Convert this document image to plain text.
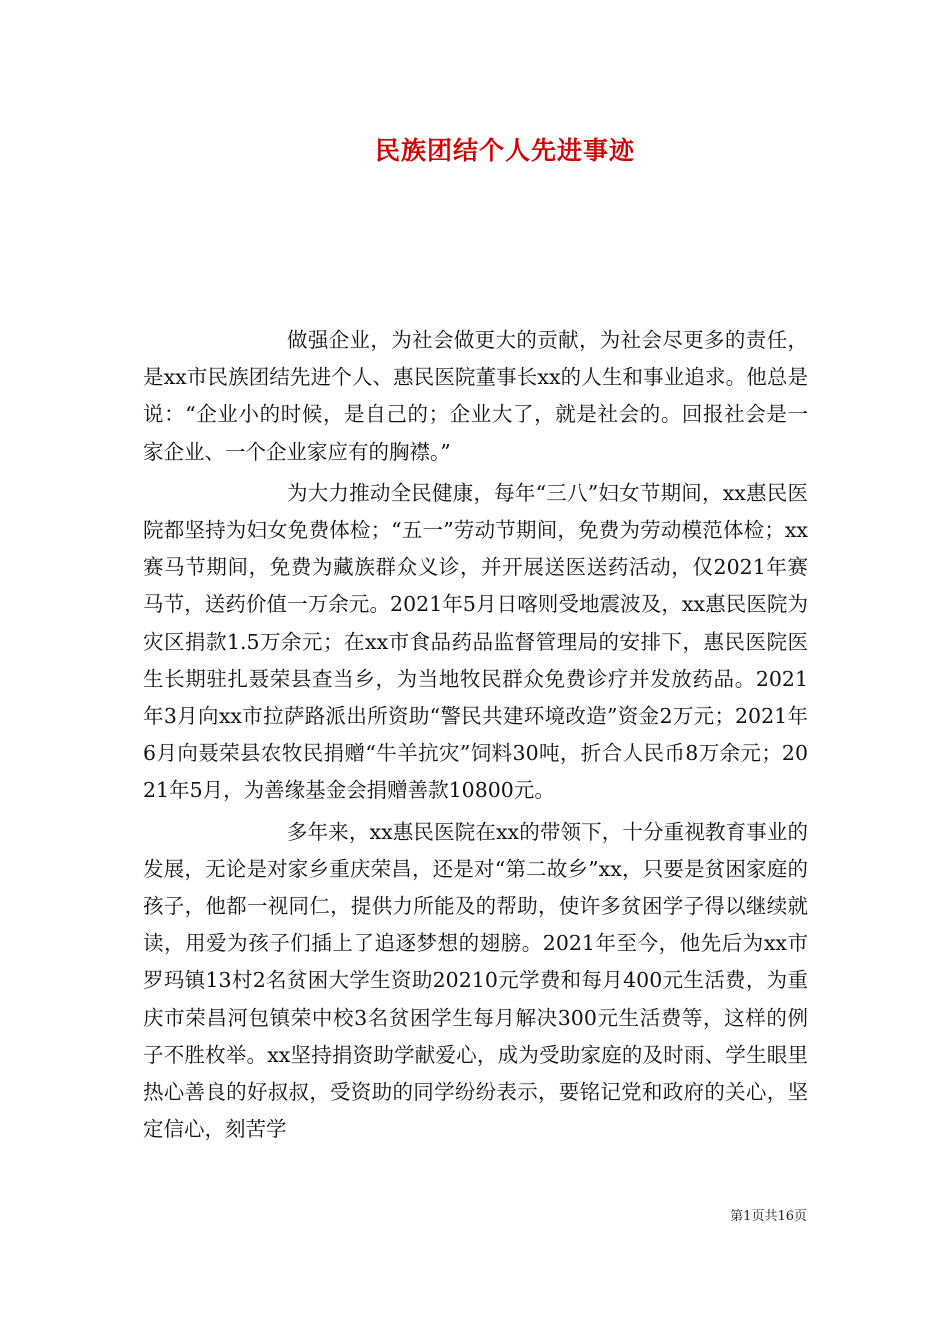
民族团结个人先进事迹

做强企业，为社会做更大的贡献，为社会尽更多的责任，是xx市民族团结先进个人、惠民医院董事长xx的人生和事业追求。他总是说：“企业小的时候，是自己的；企业大了，就是社会的。回报社会是一家企业、一个企业家应有的胸襟。”

为大力推动全民健康，每年“三八”妇女节期间，xx惠民医院都坚持为妇女免费体检；“五一”劳动节期间，免费为劳动模范体检；xx赛马节期间，免费为藏族群众义诊，并开展送医送药活动，仅2021年赛马节，送药价值一万余元。2021年5月日喀则受地震波及，xx惠民医院为灾区捐款1.5万余元；在xx市食品药品监督管理局的安排下，惠民医院医生长期驻扎聂荣县查当乡，为当地牧民群众免费诊疗并发放药品。2021年3月向xx市拉萨路派出所资助“警民共建环境改造”资金2万元；2021年6月向聂荣县农牧民捐赠“牛羊抗灾”饲料30吨，折合人民币8万余元；2021年5月，为善缘基金会捐赠善款10800元。

多年来，xx惠民医院在xx的带领下，十分重视教育事业的发展，无论是对家乡重庆荣昌，还是对“第二故乡”xx，只要是贫困家庭的孩子，他都一视同仁，提供力所能及的帮助，使许多贫困学子得以继续就读，用爱为孩子们插上了追逐梦想的翅膀。2021年至今，他先后为xx市罗玛镇13村2名贫困大学生资助20210元学费和每月400元生活费，为重庆市荣昌河包镇荣中校3名贫困学生每月解决300元生活费等，这样的例子不胜枚举。xx坚持捐资助学献爱心，成为受助家庭的及时雨、学生眼里热心善良的好叔叔，受资助的同学纷纷表示，要铭记党和政府的关心，坚定信心，刻苦学

第1页共16页
